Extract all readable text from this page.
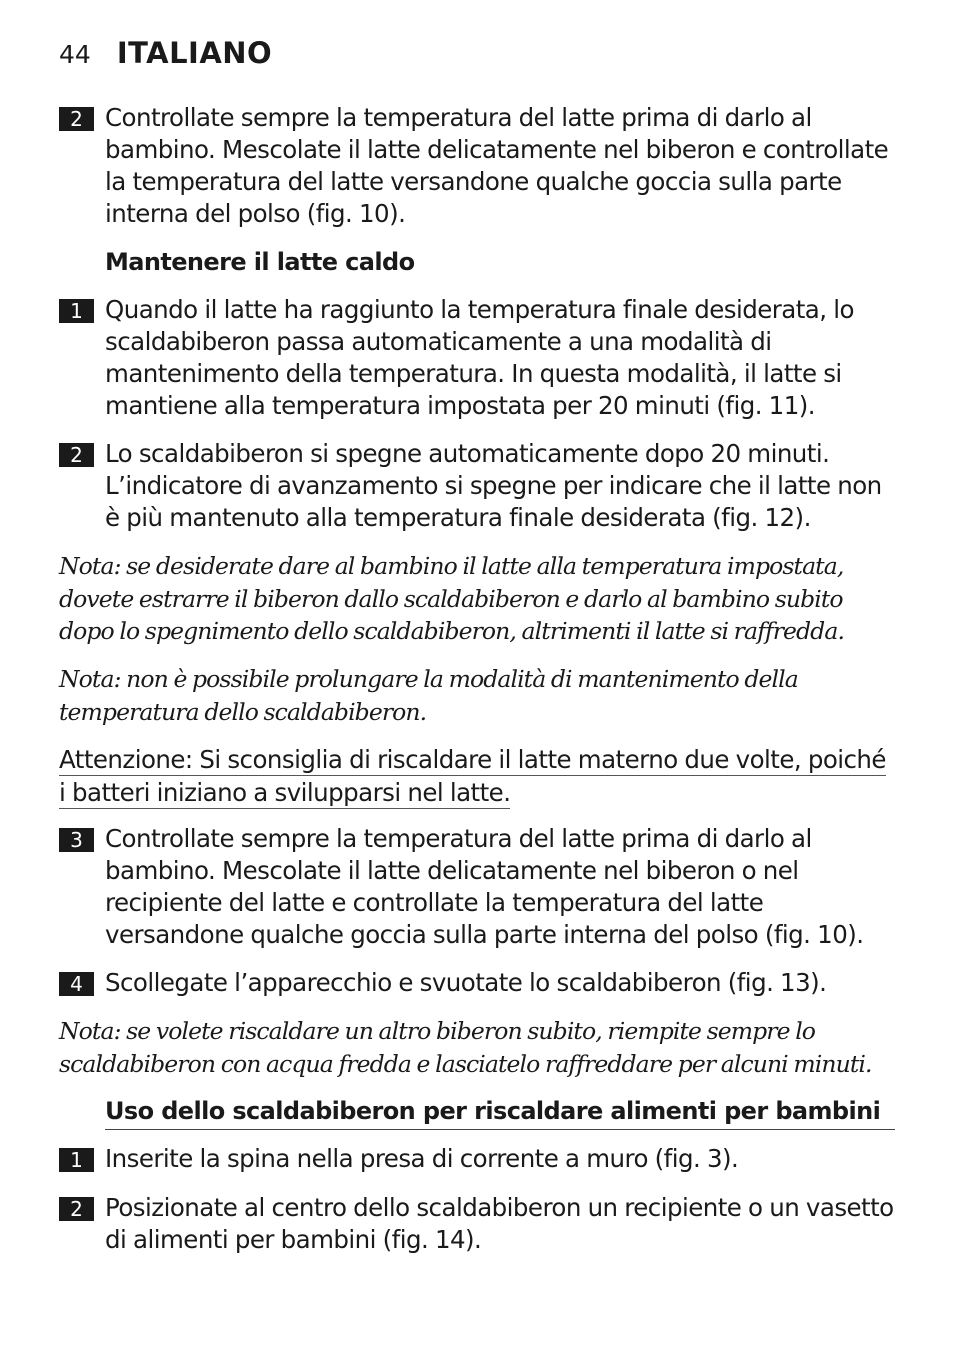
44 ITALIANO
2 Controllate sempre la temperatura del latte prima di darlo al bambino. Mescolate il latte delicatamente nel biberon e controllate la temperatura del latte versandone qualche goccia sulla parte interna del polso (fig. 10).
Mantenere il latte caldo
1 Quando il latte ha raggiunto la temperatura finale desiderata, lo scaldabiberon passa automaticamente a una modalità di mantenimento della temperatura. In questa modalità, il latte si mantiene alla temperatura impostata per 20 minuti (fig. 11).
2 Lo scaldabiberon si spegne automaticamente dopo 20 minuti. L’indicatore di avanzamento si spegne per indicare che il latte non è più mantenuto alla temperatura finale desiderata (fig. 12).
Nota: se desiderate dare al bambino il latte alla temperatura impostata, dovete estrarre il biberon dallo scaldabiberon e darlo al bambino subito dopo lo spegnimento dello scaldabiberon, altrimenti il latte si raffredda.
Nota: non è possibile prolungare la modalità di mantenimento della temperatura dello scaldabiberon.
Attenzione: Si sconsiglia di riscaldare il latte materno due volte, poiché i batteri iniziano a svilupparsi nel latte.
3 Controllate sempre la temperatura del latte prima di darlo al bambino. Mescolate il latte delicatamente nel biberon o nel recipiente del latte e controllate la temperatura del latte versandone qualche goccia sulla parte interna del polso (fig. 10).
4 Scollegate l’apparecchio e svuotate lo scaldabiberon (fig. 13).
Nota: se volete riscaldare un altro biberon subito, riempite sempre lo scaldabiberon con acqua fredda e lasciatelo raffreddare per alcuni minuti.
Uso dello scaldabiberon per riscaldare alimenti per bambini
1 Inserite la spina nella presa di corrente a muro (fig. 3).
2 Posizionate al centro dello scaldabiberon un recipiente o un vasetto di alimenti per bambini (fig. 14).
